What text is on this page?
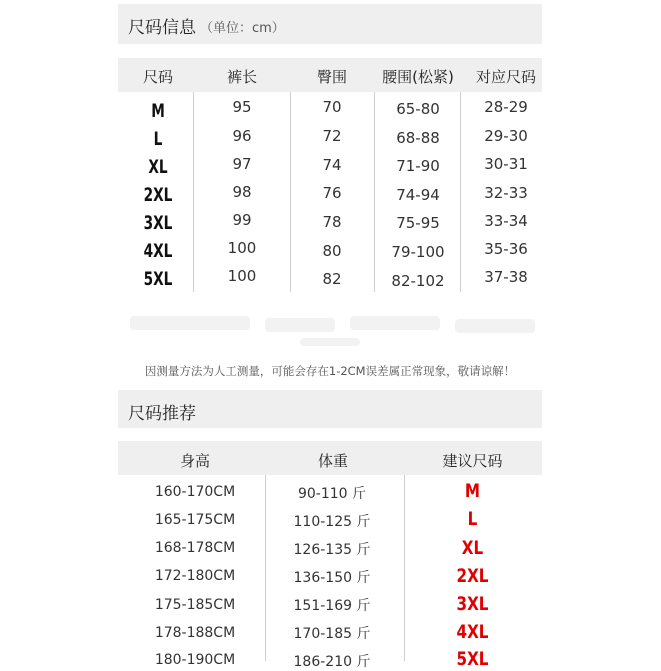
尺码信息 （单位：cm）
尺码	裤长	臀围	腰围(松紧)	对应尺码
M	95	70	65-80	28-29
L	96	72	68-88	29-30
XL	97	74	71-90	30-31
2XL	98	76	74-94	32-33
3XL	99	78	75-95	33-34
4XL	100	80	79-100	35-36
5XL	100	82	82-102	37-38
因测量方法为人工测量，可能会存在1-2CM误差属正常现象，敬请谅解！
尺码推荐
身高	体重	建议尺码
160-170CM	90-110 斤	M
165-175CM	110-125 斤	L
168-178CM	126-135 斤	XL
172-180CM	136-150 斤	2XL
175-185CM	151-169 斤	3XL
178-188CM	170-185 斤	4XL
180-190CM	186-210 斤	5XL
